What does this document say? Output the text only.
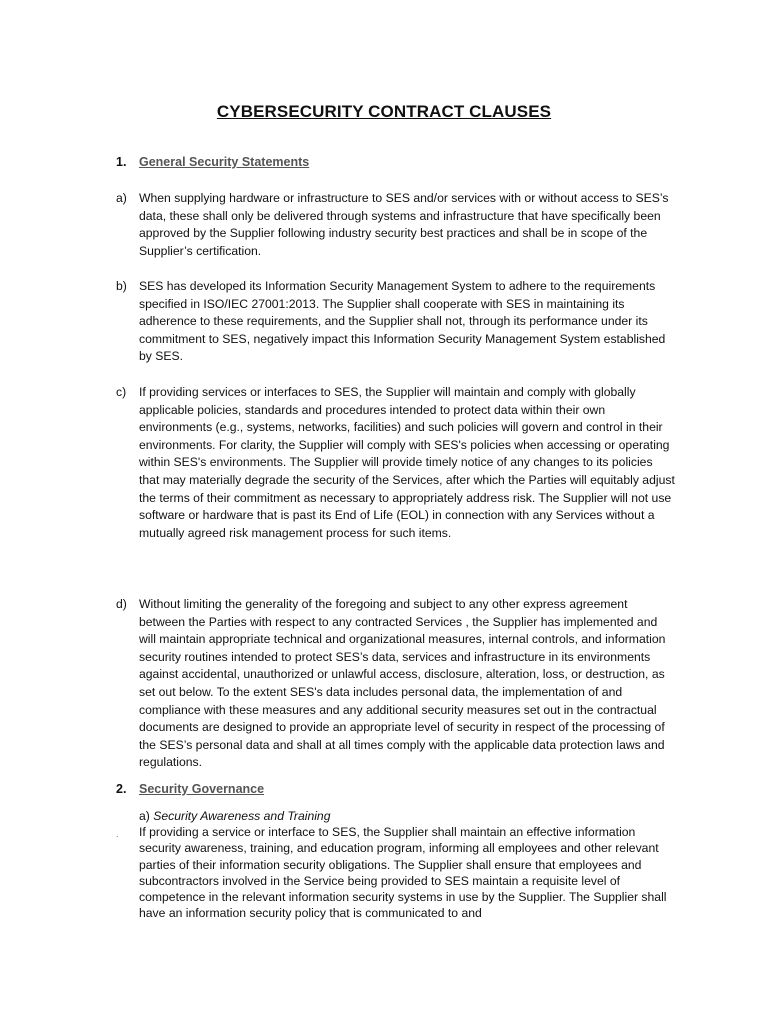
CYBERSECURITY CONTRACT CLAUSES
1. General Security Statements
a) When supplying hardware or infrastructure to SES and/or services with or without access to SES’s data, these shall only be delivered through systems and infrastructure that have specifically been approved by the Supplier following industry security best practices and shall be in scope of the Supplier’s certification.
b) SES has developed its Information Security Management System to adhere to the requirements specified in ISO/IEC 27001:2013. The Supplier shall cooperate with SES in maintaining its adherence to these requirements, and the Supplier shall not, through its performance under its commitment to SES, negatively impact this Information Security Management System established by SES.
c)	If providing services or interfaces to SES, the Supplier will maintain and comply with globally applicable policies, standards and procedures intended to protect data within their own environments (e.g., systems, networks, facilities) and such policies will govern and control in their environments. For clarity, the Supplier will comply with SES's policies when accessing or operating within SES's environments. The Supplier will provide timely notice of any changes to its policies that may materially degrade the security of the Services, after which the Parties will equitably adjust the terms of their commitment as necessary to appropriately address risk. The Supplier will not use software or hardware that is past its End of Life (EOL) in connection with any Services without a mutually agreed risk management process for such items.
d) Without limiting the generality of the foregoing and subject to any other express agreement between the Parties with respect to any contracted Services , the Supplier has implemented and will maintain appropriate technical and organizational measures, internal controls, and information security routines intended to protect SES’s data, services and infrastructure in its environments against accidental, unauthorized or unlawful access, disclosure, alteration, loss, or destruction, as set out below. To the extent SES's data includes personal data, the implementation of and compliance with these measures and any additional security measures set out in the contractual documents are designed to provide an appropriate level of security in respect of the processing of the SES’s personal data and shall at all times comply with the applicable data protection laws and regulations.
2. Security Governance
a) Security Awareness and Training
. If providing a service or interface to SES, the Supplier shall maintain an effective information security awareness, training, and education program, informing all employees and other relevant parties of their information security obligations. The Supplier shall ensure that employees and subcontractors involved in the Service being provided to SES maintain a requisite level of competence in the relevant information security systems in use by the Supplier. The Supplier shall have an information security policy that is communicated to and
